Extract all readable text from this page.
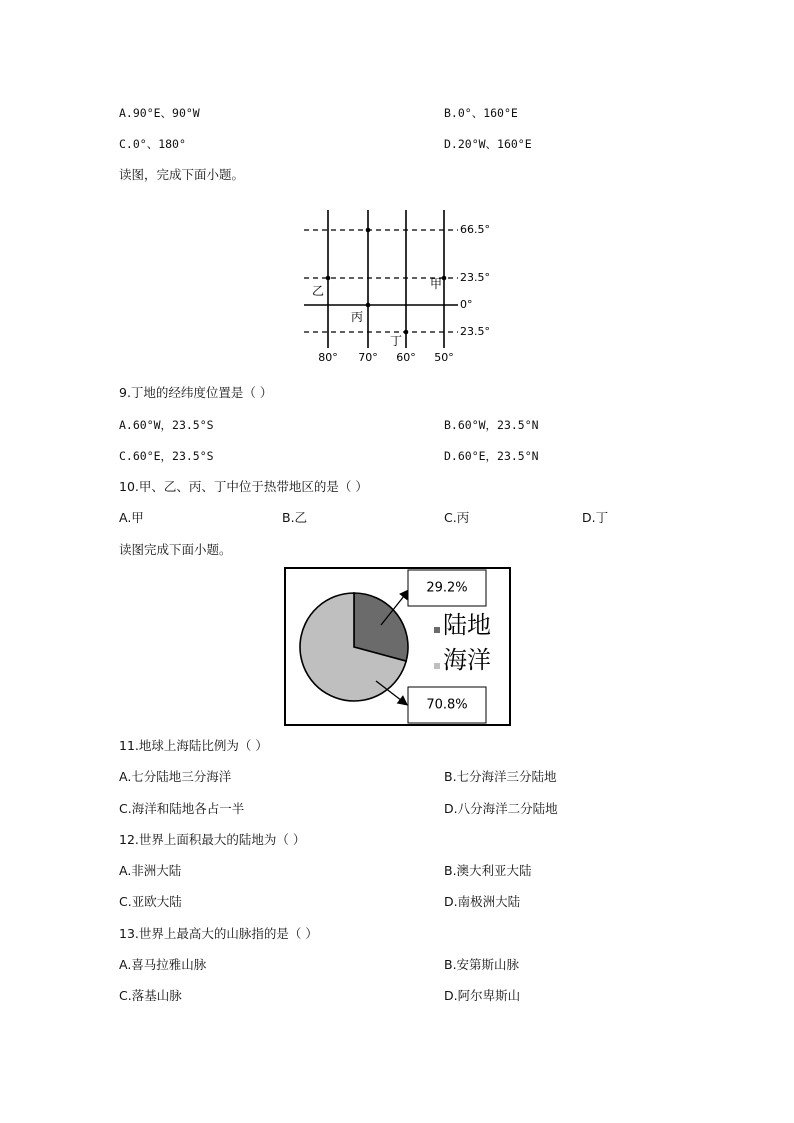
A.90°E、90°W	B.0°、160°E
C.0°、180°	D.20°W、160°E
读图，完成下面小题。
66.5°
23.5°
0°
23.5°
80° 70° 60° 50°
甲
乙
丙
丁
9.丁地的经纬度位置是（ ）
A.60°W，23.5°S	B.60°W，23.5°N
C.60°E，23.5°S	D.60°E，23.5°N
10.甲、乙、丙、丁中位于热带地区的是（ ）
A.甲	B.乙	C.丙	D.丁
读图完成下面小题。
29.2%
70.8%
陆地
海洋
11.地球上海陆比例为（ ）
A.七分陆地三分海洋	B.七分海洋三分陆地
C.海洋和陆地各占一半	D.八分海洋二分陆地
12.世界上面积最大的陆地为（ ）
A.非洲大陆	B.澳大利亚大陆
C.亚欧大陆	D.南极洲大陆
13.世界上最高大的山脉指的是（ ）
A.喜马拉雅山脉	B.安第斯山脉
C.落基山脉	D.阿尔卑斯山
